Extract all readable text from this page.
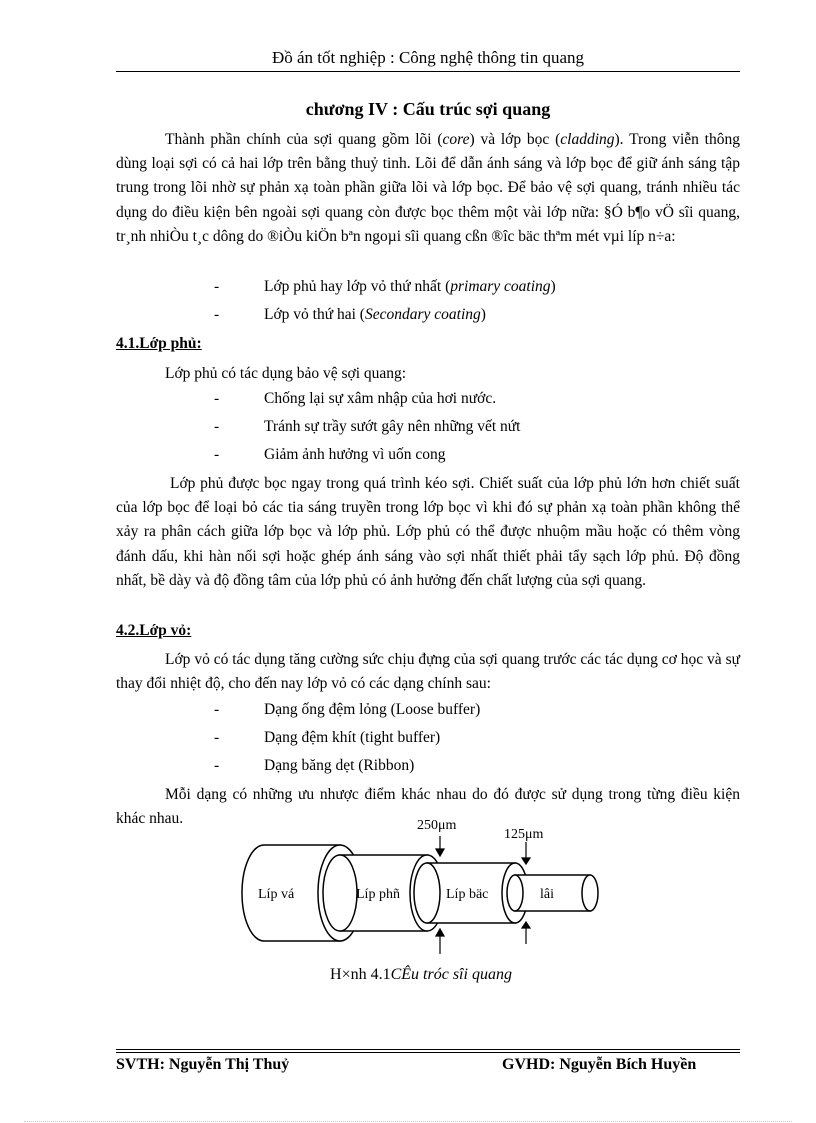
Đồ án tốt nghiệp : Công nghệ thông tin quang
chương IV : Cấu trúc sợi quang
Thành phần chính của sợi quang gồm lõi (core) và lớp bọc (cladding). Trong viễn thông dùng loại sợi có cả hai lớp trên bằng thuỷ tinh. Lõi để dẫn ánh sáng và lớp bọc để giữ ánh sáng tập trung trong lõi nhờ sự phản xạ toàn phần giữa lõi và lớp bọc. Để bảo vệ sợi quang, tránh nhiều tác dụng do điều kiện bên ngoài sợi quang còn được bọc thêm một vài lớp nữa: §Ó b¶o vÖ sîi quang, tr¸nh nhiÒu t¸c dông do ®iÒu kiÖn bªn ngoµi sîi quang cßn ®îc bäc thªm mét vµi líp n÷a:
-	Lớp phủ hay lớp vỏ thứ nhất (primary coating)
-	Lớp vỏ thứ hai (Secondary coating)
4.1.Lớp phủ:
Lớp phủ có tác dụng bảo vệ sợi quang:
-	Chống lại sự xâm nhập của hơi nước.
-	Tránh sự trầy sướt gây nên những vết nứt
-	Giảm ảnh hưởng vì uốn cong
Lớp phủ được bọc ngay trong quá trình kéo sợi. Chiết suất của lớp phủ lớn hơn chiết suất của lớp bọc để loại bỏ các tia sáng truyền trong lớp bọc vì khi đó sự phản xạ toàn phần không thể xảy ra phân cách giữa lớp bọc và lớp phủ. Lớp phủ có thể được nhuộm mầu hoặc có thêm vòng đánh dấu, khi hàn nối sợi hoặc ghép ánh sáng vào sợi nhất thiết phải tẩy sạch lớp phủ. Độ đồng nhất, bề dày và độ đồng tâm của lớp phủ có ảnh hưởng đến chất lượng của sợi quang.
4.2.Lớp vỏ:
Lớp vỏ có tác dụng tăng cường sức chịu đựng của sợi quang trước các tác dụng cơ học và sự thay đổi nhiệt độ, cho đến nay lớp vỏ có các dạng chính sau:
-	Dạng ống đệm lỏng (Loose buffer)
-	Dạng đệm khít (tight buffer)
-	Dạng băng dẹt (Ribbon)
Mỗi dạng có những ưu nhược điểm khác nhau do đó được sử dụng trong từng điều kiện khác nhau.	250μm
125μm
Líp vá	Líp phñ	Líp bäc	lâi
H×nh 4.1CÊu tróc sîi quang
SVTH: Nguyễn Thị Thuỷ	GVHD: Nguyễn Bích Huyền
